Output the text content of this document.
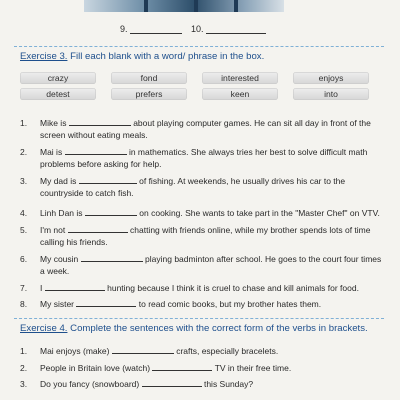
9.	10.
Exercise 3. Fill each blank with a word/ phrase in the box.
crazy	fond	interested	enjoys
detest	prefers	keen	into
1. Mike is	about playing computer games. He can sit all day in front of the screen without eating meals.
2. Mai is	in mathematics. She always tries her best to solve difficult math problems before asking for help.
3. My dad is	of fishing. At weekends, he usually drives his car to the countryside to catch fish.
4. Linh Dan is	on cooking. She wants to take part in the "Master Chef" on VTV.
5. I'm not	chatting with friends online, while my brother spends lots of time calling his friends.
6. My cousin	playing badminton after school. He goes to the court four times a week.
7. I	hunting because I think it is cruel to chase and kill animals for food.
8. My sister	to read comic books, but my brother hates them.
Exercise 4. Complete the sentences with the correct form of the verbs in brackets.
1. Mai enjoys (make)	crafts, especially bracelets.
2. People in Britain love (watch)	TV in their free time.
3. Do you fancy (snowboard)	this Sunday?
